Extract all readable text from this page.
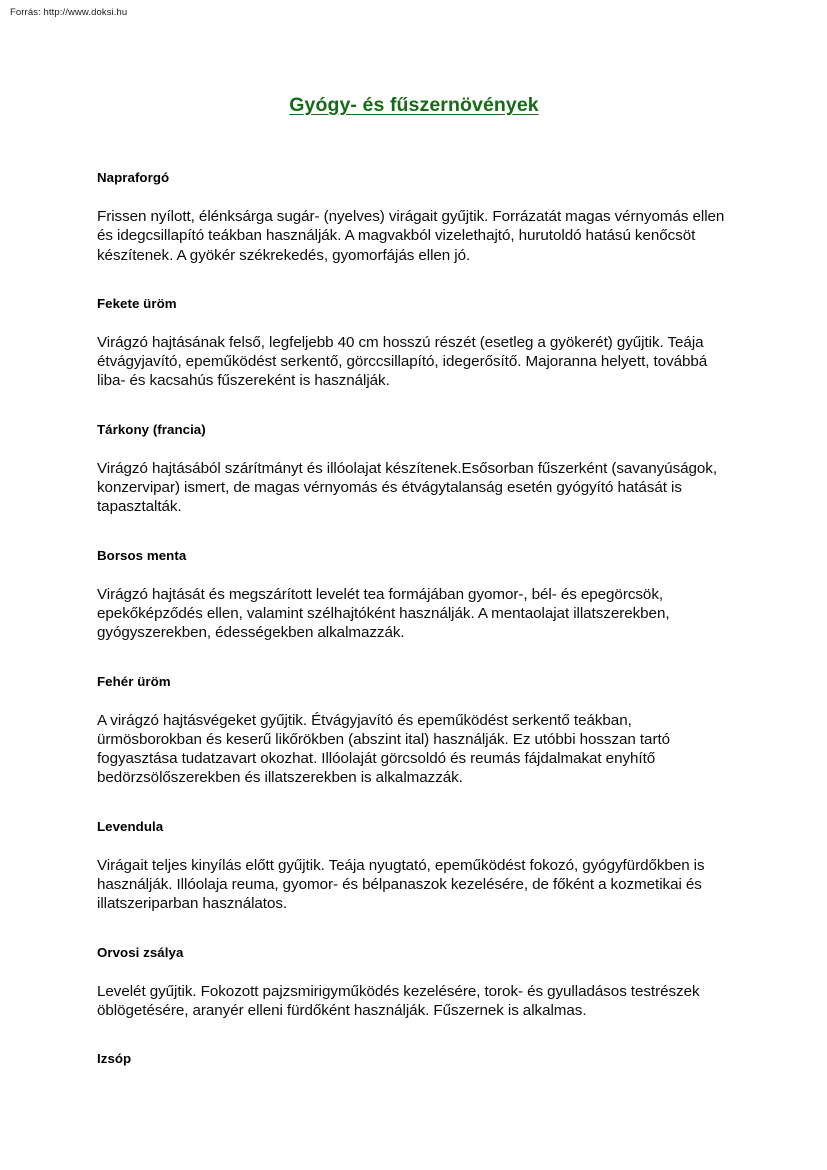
Forrás: http://www.doksi.hu
Gyógy- és fűszernövények
Napraforgó

Frissen nyílott, élénksárga sugár- (nyelves) virágait gyűjtik. Forrázatát magas vérnyomás ellen és idegcsillapító teákban használják. A magvakból vizelethajtó, hurutoldó hatású kenőcsöt készítenek. A gyökér székrekedés, gyomorfájás ellen jó.

Fekete üröm

Virágzó hajtásának felső, legfeljebb 40 cm hosszú részét (esetleg a gyökerét) gyűjtik. Teája étvágyjavító, epeműködést serkentő, görccsillapító, idegerősítő. Majoranna helyett, továbbá liba- és kacsahús fűszereként is használják.

Tárkony (francia)

Virágzó hajtásából szárítmányt és illóolajat készítenek.Esősorban fűszerként (savanyúságok, konzervipar) ismert, de magas vérnyomás és étvágytalanság esetén gyógyító hatását is tapasztalták.

Borsos menta

Virágzó hajtását és megszárított levelét tea formájában gyomor-, bél- és epegörcsök, epekőképződés ellen, valamint szélhajtóként használják. A mentaolajat illatszerekben, gyógyszerekben, édességekben alkalmazzák.

Fehér üröm

A virágzó hajtásvégeket gyűjtik. Étvágyjavító és epeműködést serkentő teákban, ürmösborokban és keserű likőrökben (abszint ital) használják. Ez utóbbi hosszan tartó fogyasztása tudatzavart okozhat. Illóolaját görcsoldó és reumás fájdalmakat enyhítő bedörzsölőszerekben és illatszerekben is alkalmazzák.

Levendula

Virágait teljes kinyílás előtt gyűjtik. Teája nyugtató, epeműködést fokozó, gyógyfürdőkben is használják. Illóolaja reuma, gyomor- és bélpanaszok kezelésére, de főként a kozmetikai és illatszeriparban használatos.

Orvosi zsálya

Levelét gyűjtik. Fokozott pajzsmirigyműködés kezelésére, torok- és gyulladásos testrészek öblögetésére, aranyér elleni fürdőként használják. Fűszernek is alkalmas.

Izsóp
